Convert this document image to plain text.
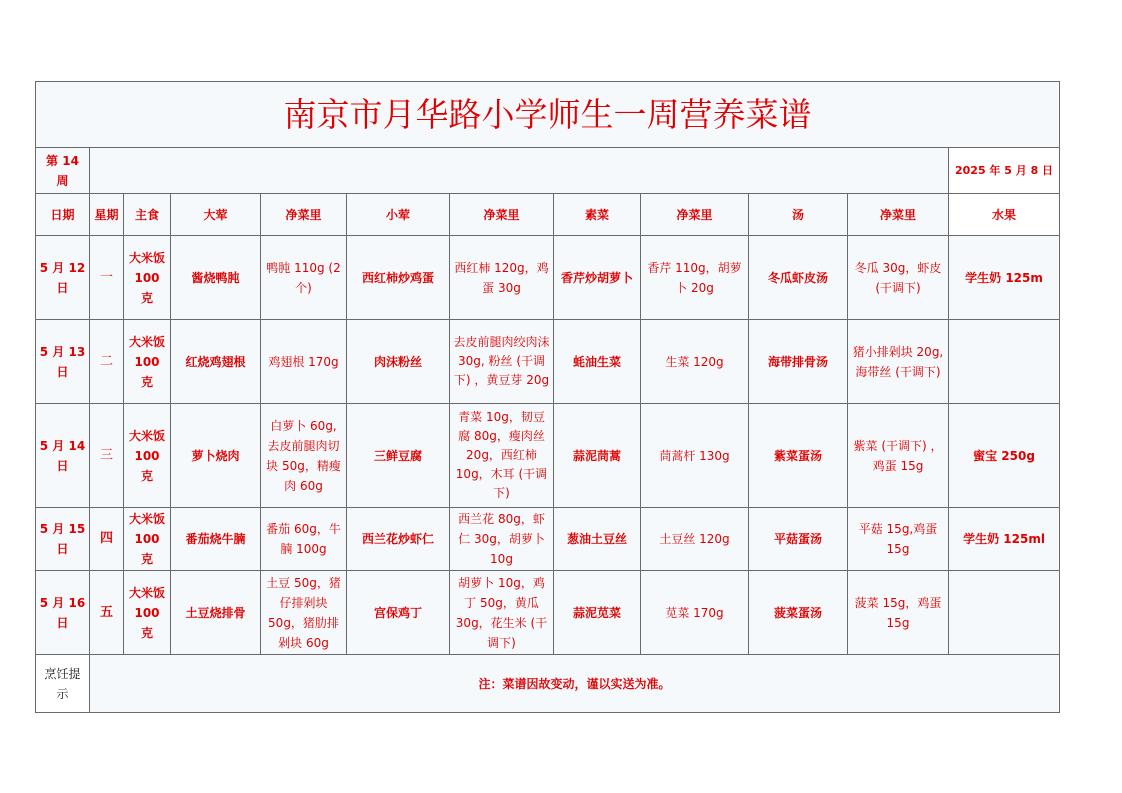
南京市月华路小学师生一周营养菜谱											
第 14 周											2025 年 5 月 8 日
日期	星期	主食	大荤	净菜里	小荤	净菜里	素菜	净菜里	汤	净菜里	水果
5 月 12 日	一	大米饭 100 克	酱烧鸭肫	鸭肫 110g (2 个)	西红柿炒鸡蛋	西红柿 120g，鸡蛋 30g	香芹炒胡萝卜	香芹 110g，胡萝卜 20g	冬瓜虾皮汤	冬瓜 30g，虾皮 (干调下)	学生奶 125m
5 月 13 日	二	大米饭 100 克	红烧鸡翅根	鸡翅根 170g	肉沫粉丝	去皮前腿肉绞肉沫 30g, 粉丝 (干调下) ，黄豆芽 20g	蚝油生菜	生菜 120g	海带排骨汤	猪小排剁块 20g, 海带丝 (干调下)	
5 月 14 日	三	大米饭 100 克	萝卜烧肉	白萝卜 60g, 去皮前腿肉切块 50g，精瘦肉 60g	三鲜豆腐	青菜 10g，韧豆腐 80g，瘦肉丝 20g，西红柿 10g，木耳 (干调下)	蒜泥茼蒿	茼蒿杆 130g	紫菜蛋汤	紫菜 (干调下) ，鸡蛋 15g	蜜宝 250g
5 月 15 日	四	大米饭 100 克	番茄烧牛腩	番茄 60g，牛腩 100g	西兰花炒虾仁	西兰花 80g，虾仁 30g，胡萝卜 10g	葱油土豆丝	土豆丝 120g	平菇蛋汤	平菇 15g,鸡蛋 15g	学生奶 125ml
5 月 16 日	五	大米饭 100 克	土豆烧排骨	土豆 50g，猪仔排剁块 50g，猪肋排剁块 60g	宫保鸡丁	胡萝卜 10g，鸡丁 50g，黄瓜 30g，花生米 (干调下)	蒜泥苋菜	苋菜 170g	菠菜蛋汤	菠菜 15g，鸡蛋 15g	
烹饪提示	注：菜谱因故变动，谨以实送为准。										
